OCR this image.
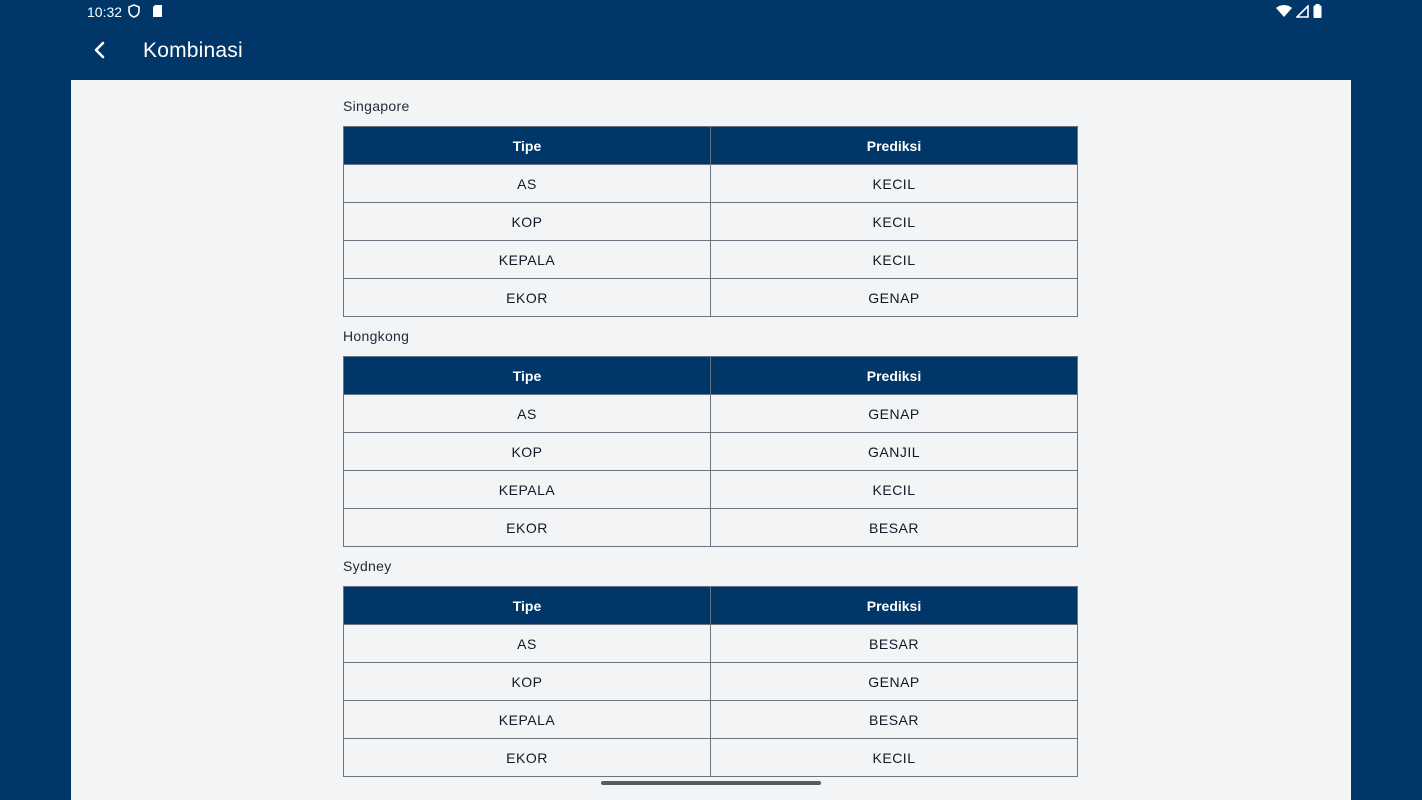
10:32
Kombinasi
Singapore
Tipe	Prediksi
AS	KECIL
KOP	KECIL
KEPALA	KECIL
EKOR	GENAP
Hongkong
Tipe	Prediksi
AS	GENAP
KOP	GANJIL
KEPALA	KECIL
EKOR	BESAR
Sydney
Tipe	Prediksi
AS	BESAR
KOP	GENAP
KEPALA	BESAR
EKOR	KECIL
